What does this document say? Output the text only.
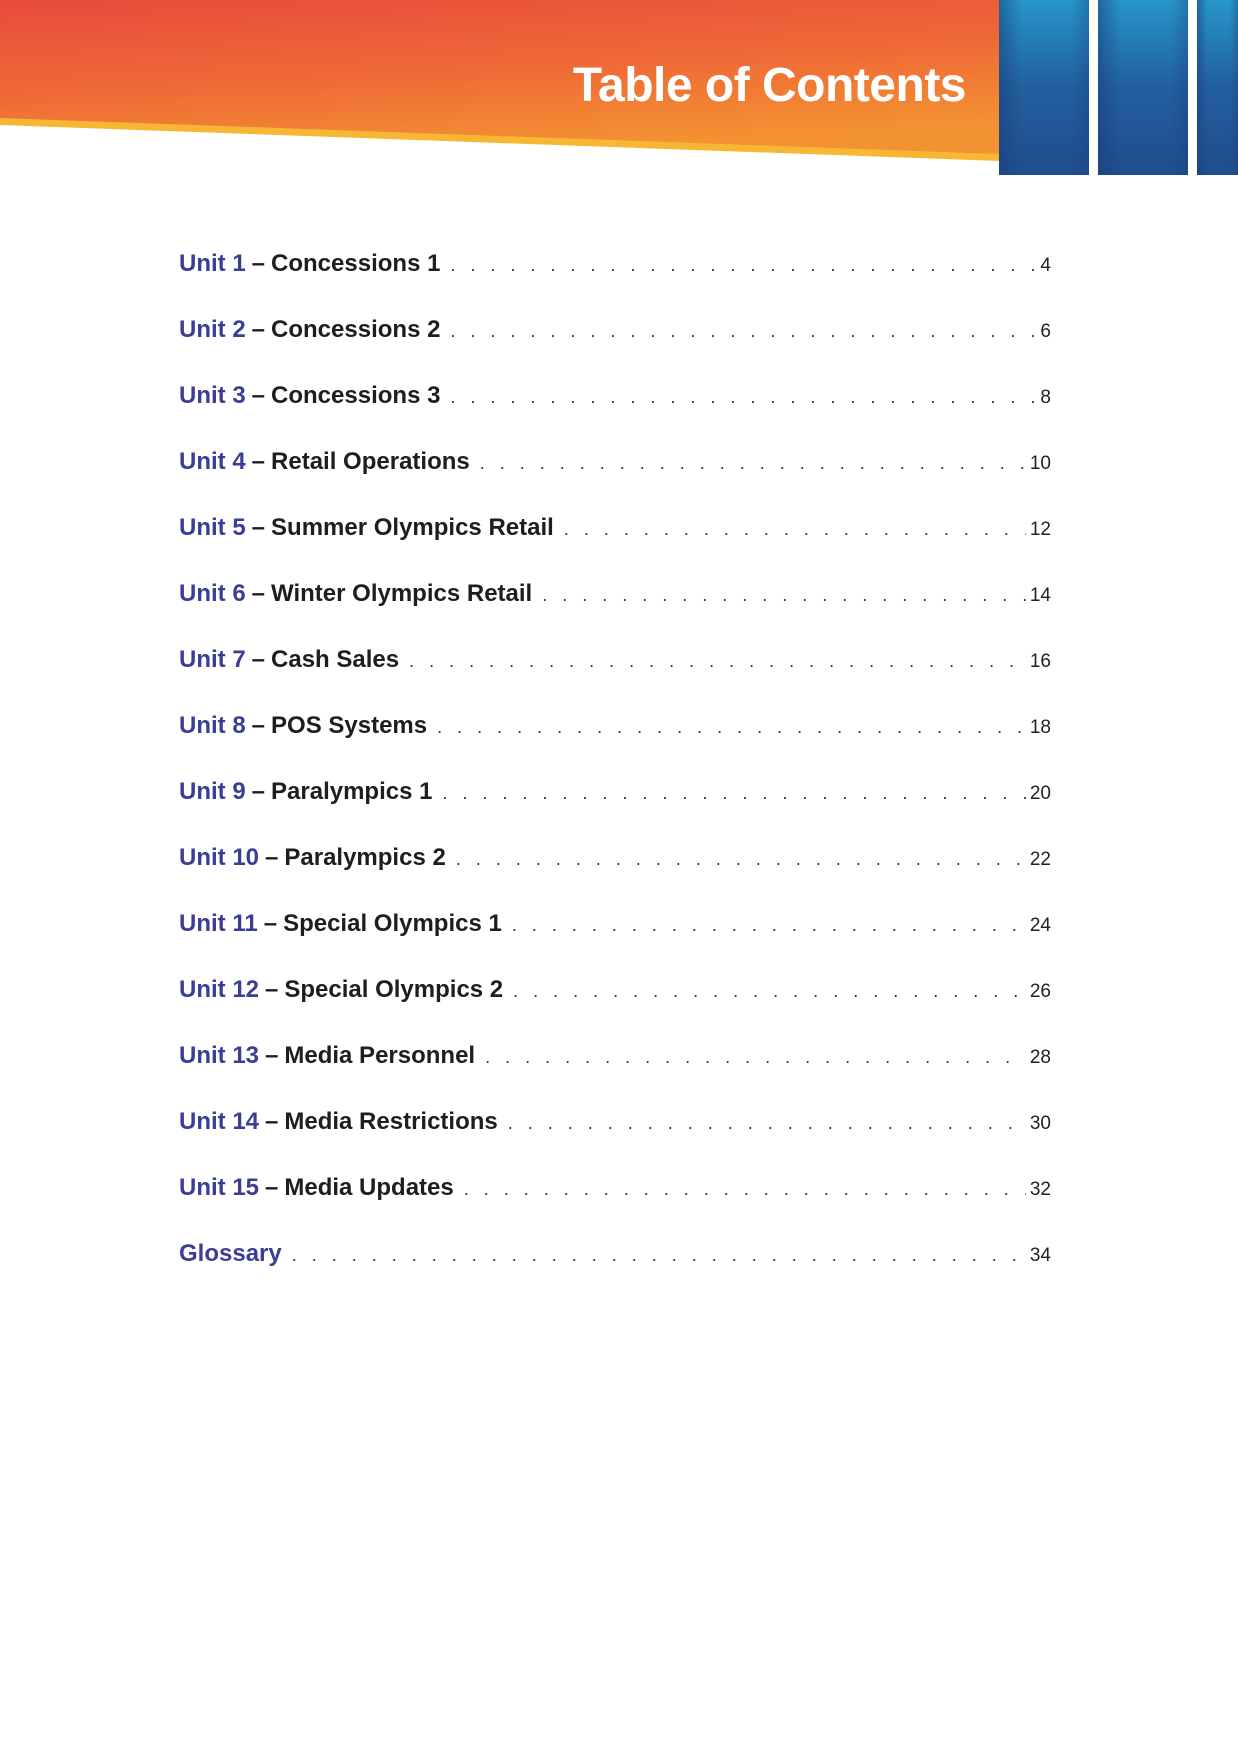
Table of Contents
Unit 1 – Concessions 1 . . .	4
Unit 2 – Concessions 2 . . .	6
Unit 3 – Concessions 3 . . .	8
Unit 4 – Retail Operations . . .	10
Unit 5 – Summer Olympics Retail . . .	12
Unit 6 – Winter Olympics Retail . . .	14
Unit 7 – Cash Sales . . .	16
Unit 8 – POS Systems . . .	18
Unit 9 – Paralympics 1 . . .	20
Unit 10 – Paralympics 2 . . .	22
Unit 11 – Special Olympics 1 . . .	24
Unit 12 – Special Olympics 2 . . .	26
Unit 13 – Media Personnel . . .	28
Unit 14 – Media Restrictions . . .	30
Unit 15 – Media Updates . . .	32
Glossary . . .	34
